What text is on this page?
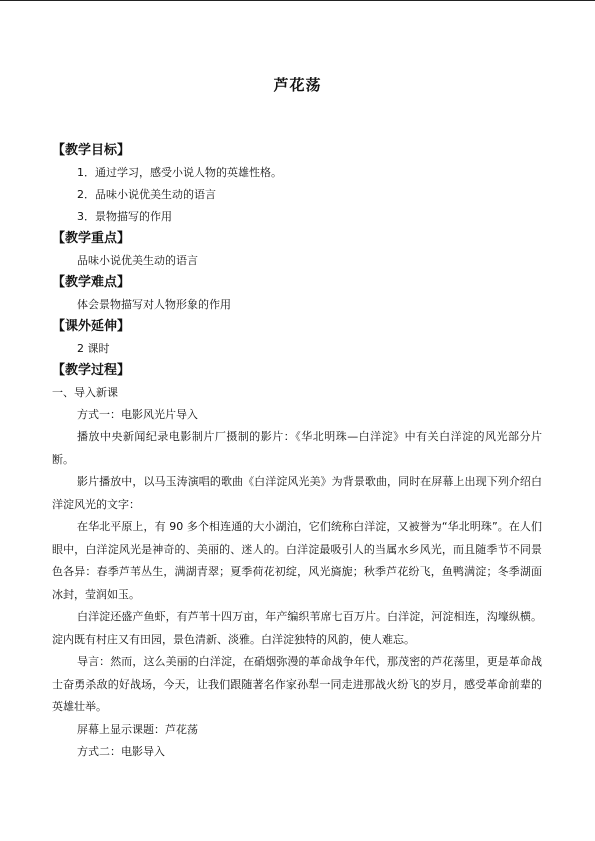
芦花荡

【教学目标】

1．通过学习，感受小说人物的英雄性格。

2．品味小说优美生动的语言

3．景物描写的作用

【教学重点】

品味小说优美生动的语言

【教学难点】

体会景物描写对人物形象的作用

【课外延伸】

2 课时

【教学过程】

一、导入新课

方式一：电影风光片导入

播放中央新闻纪录电影制片厂摄制的影片：《华北明珠—白洋淀》中有关白洋淀的风光部分片断。

影片播放中，以马玉涛演唱的歌曲《白洋淀风光美》为背景歌曲，同时在屏幕上出现下列介绍白洋淀风光的文字：

在华北平原上，有 90 多个相连通的大小湖泊，它们统称白洋淀，又被誉为“华北明珠”。在人们眼中，白洋淀风光是神奇的、美丽的、迷人的。白洋淀最吸引人的当属水乡风光，而且随季节不同景色各异：春季芦苇丛生，满湖青翠；夏季荷花初绽，风光旖旎；秋季芦花纷飞，鱼鸭满淀；冬季湖面冰封，莹润如玉。

白洋淀还盛产鱼虾，有芦苇十四万亩，年产编织苇席七百万片。白洋淀，河淀相连，沟壕纵横。淀内既有村庄又有田园，景色清新、淡雅。白洋淀独特的风韵，使人难忘。

导言：然而，这么美丽的白洋淀，在硝烟弥漫的革命战争年代，那茂密的芦花荡里，更是革命战士奋勇杀敌的好战场，今天，让我们跟随著名作家孙犁一同走进那战火纷飞的岁月，感受革命前辈的英雄壮举。

屏幕上显示课题：芦花荡

方式二：电影导入
